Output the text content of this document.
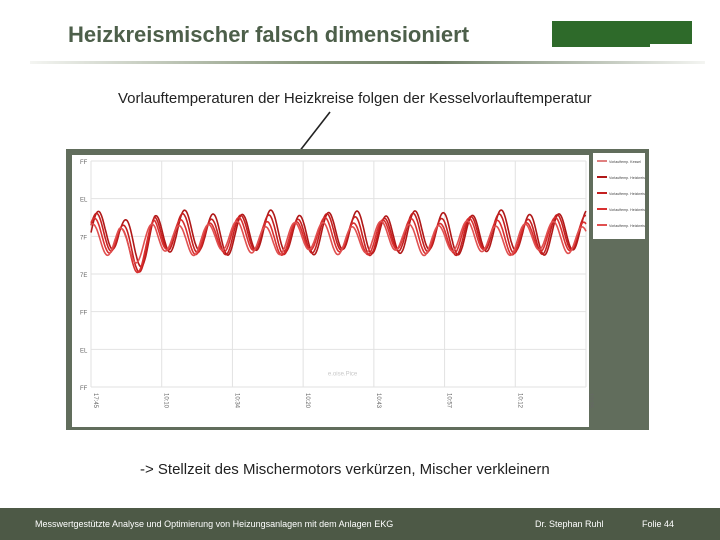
Heizkreismischer falsch dimensioniert
Vorlauftemperaturen der Heizkreise folgen der Kesselvorlauftemperatur
FF
EL
7F
7E
FF
EL
FF
17:45	10:10	10:34	10:20	10:43	10:57	10:12	10:25
e.oise.Pice
Vorlauftemp. Kessel
Vorlauftemp. Heizkreis
Vorlauftemp. Heizkreis
Vorlauftemp. Heizkreis
Vorlauftemp. Heizkreis
-> Stellzeit des Mischermotors verkürzen, Mischer verkleinern
Messwertgestützte Analyse und Optimierung von Heizungsanlagen mit dem Anlagen EKG	Dr. Stephan Ruhl	Folie 44
